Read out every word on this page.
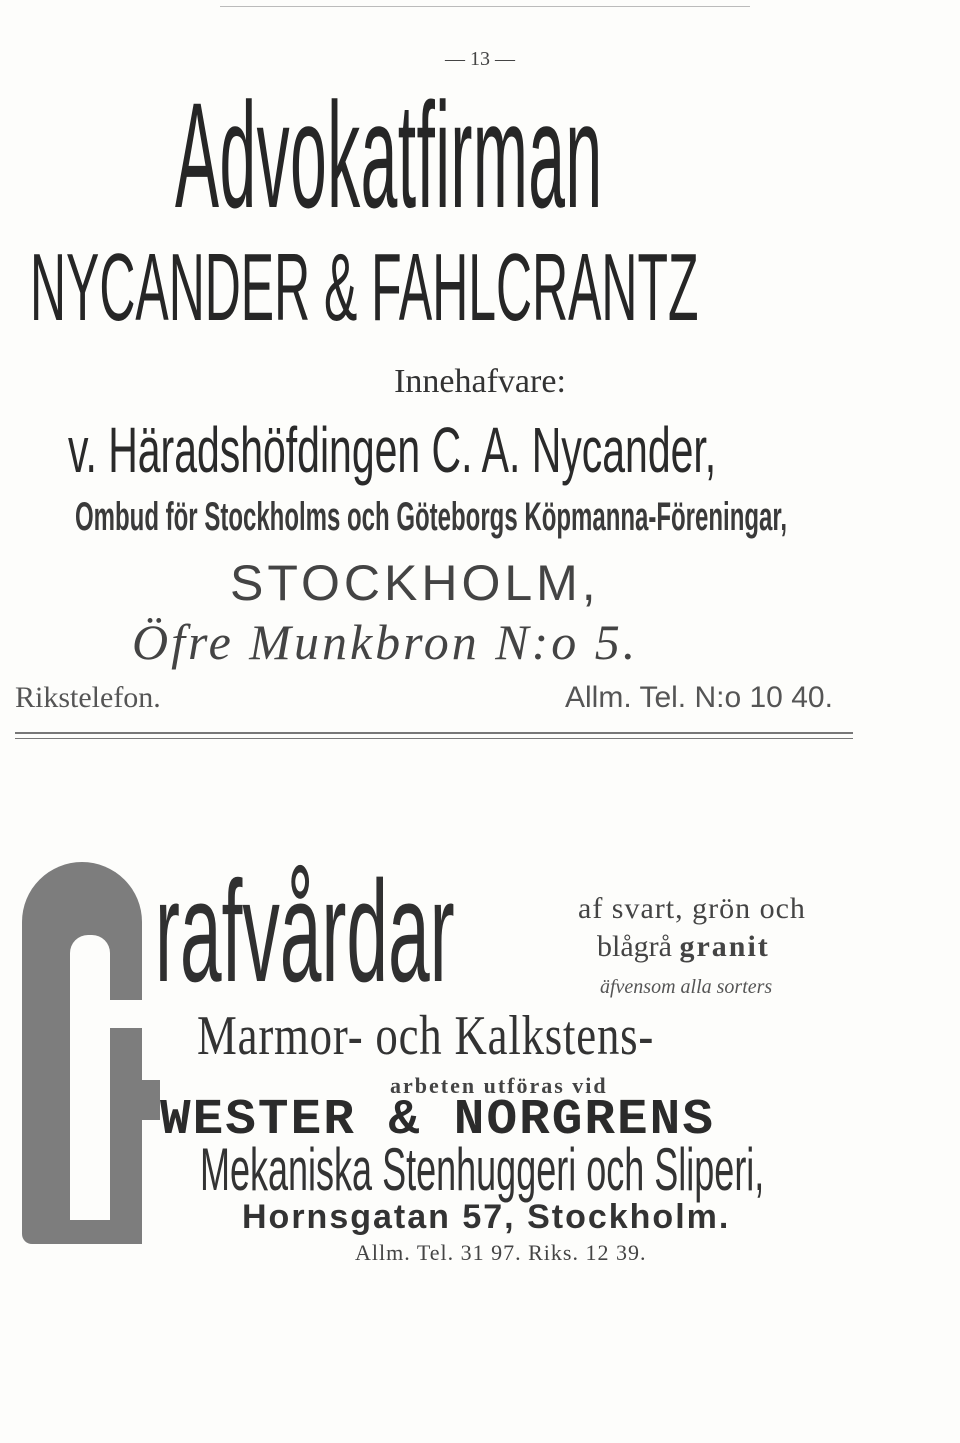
— 13 —
Advokatfirman
NYCANDER & FAHLCRANTZ
Innehafvare:
v. Häradshöfdingen C. A. Nycander,
Ombud för Stockholms och Göteborgs Köpmanna-Föreningar,
STOCKHOLM,
Öfre Munkbron N:o 5.
Rikstelefon.	Allm. Tel. N:o 10 40.
rafvårdar	af svart, grön och
blågrå granit
äfvensom alla sorters
Marmor- och Kalkstens-
arbeten utföras vid
WESTER & NORGRENS
Mekaniska Stenhuggeri och Sliperi,
Hornsgatan 57, Stockholm.
Allm. Tel. 31 97. Riks. 12 39.
